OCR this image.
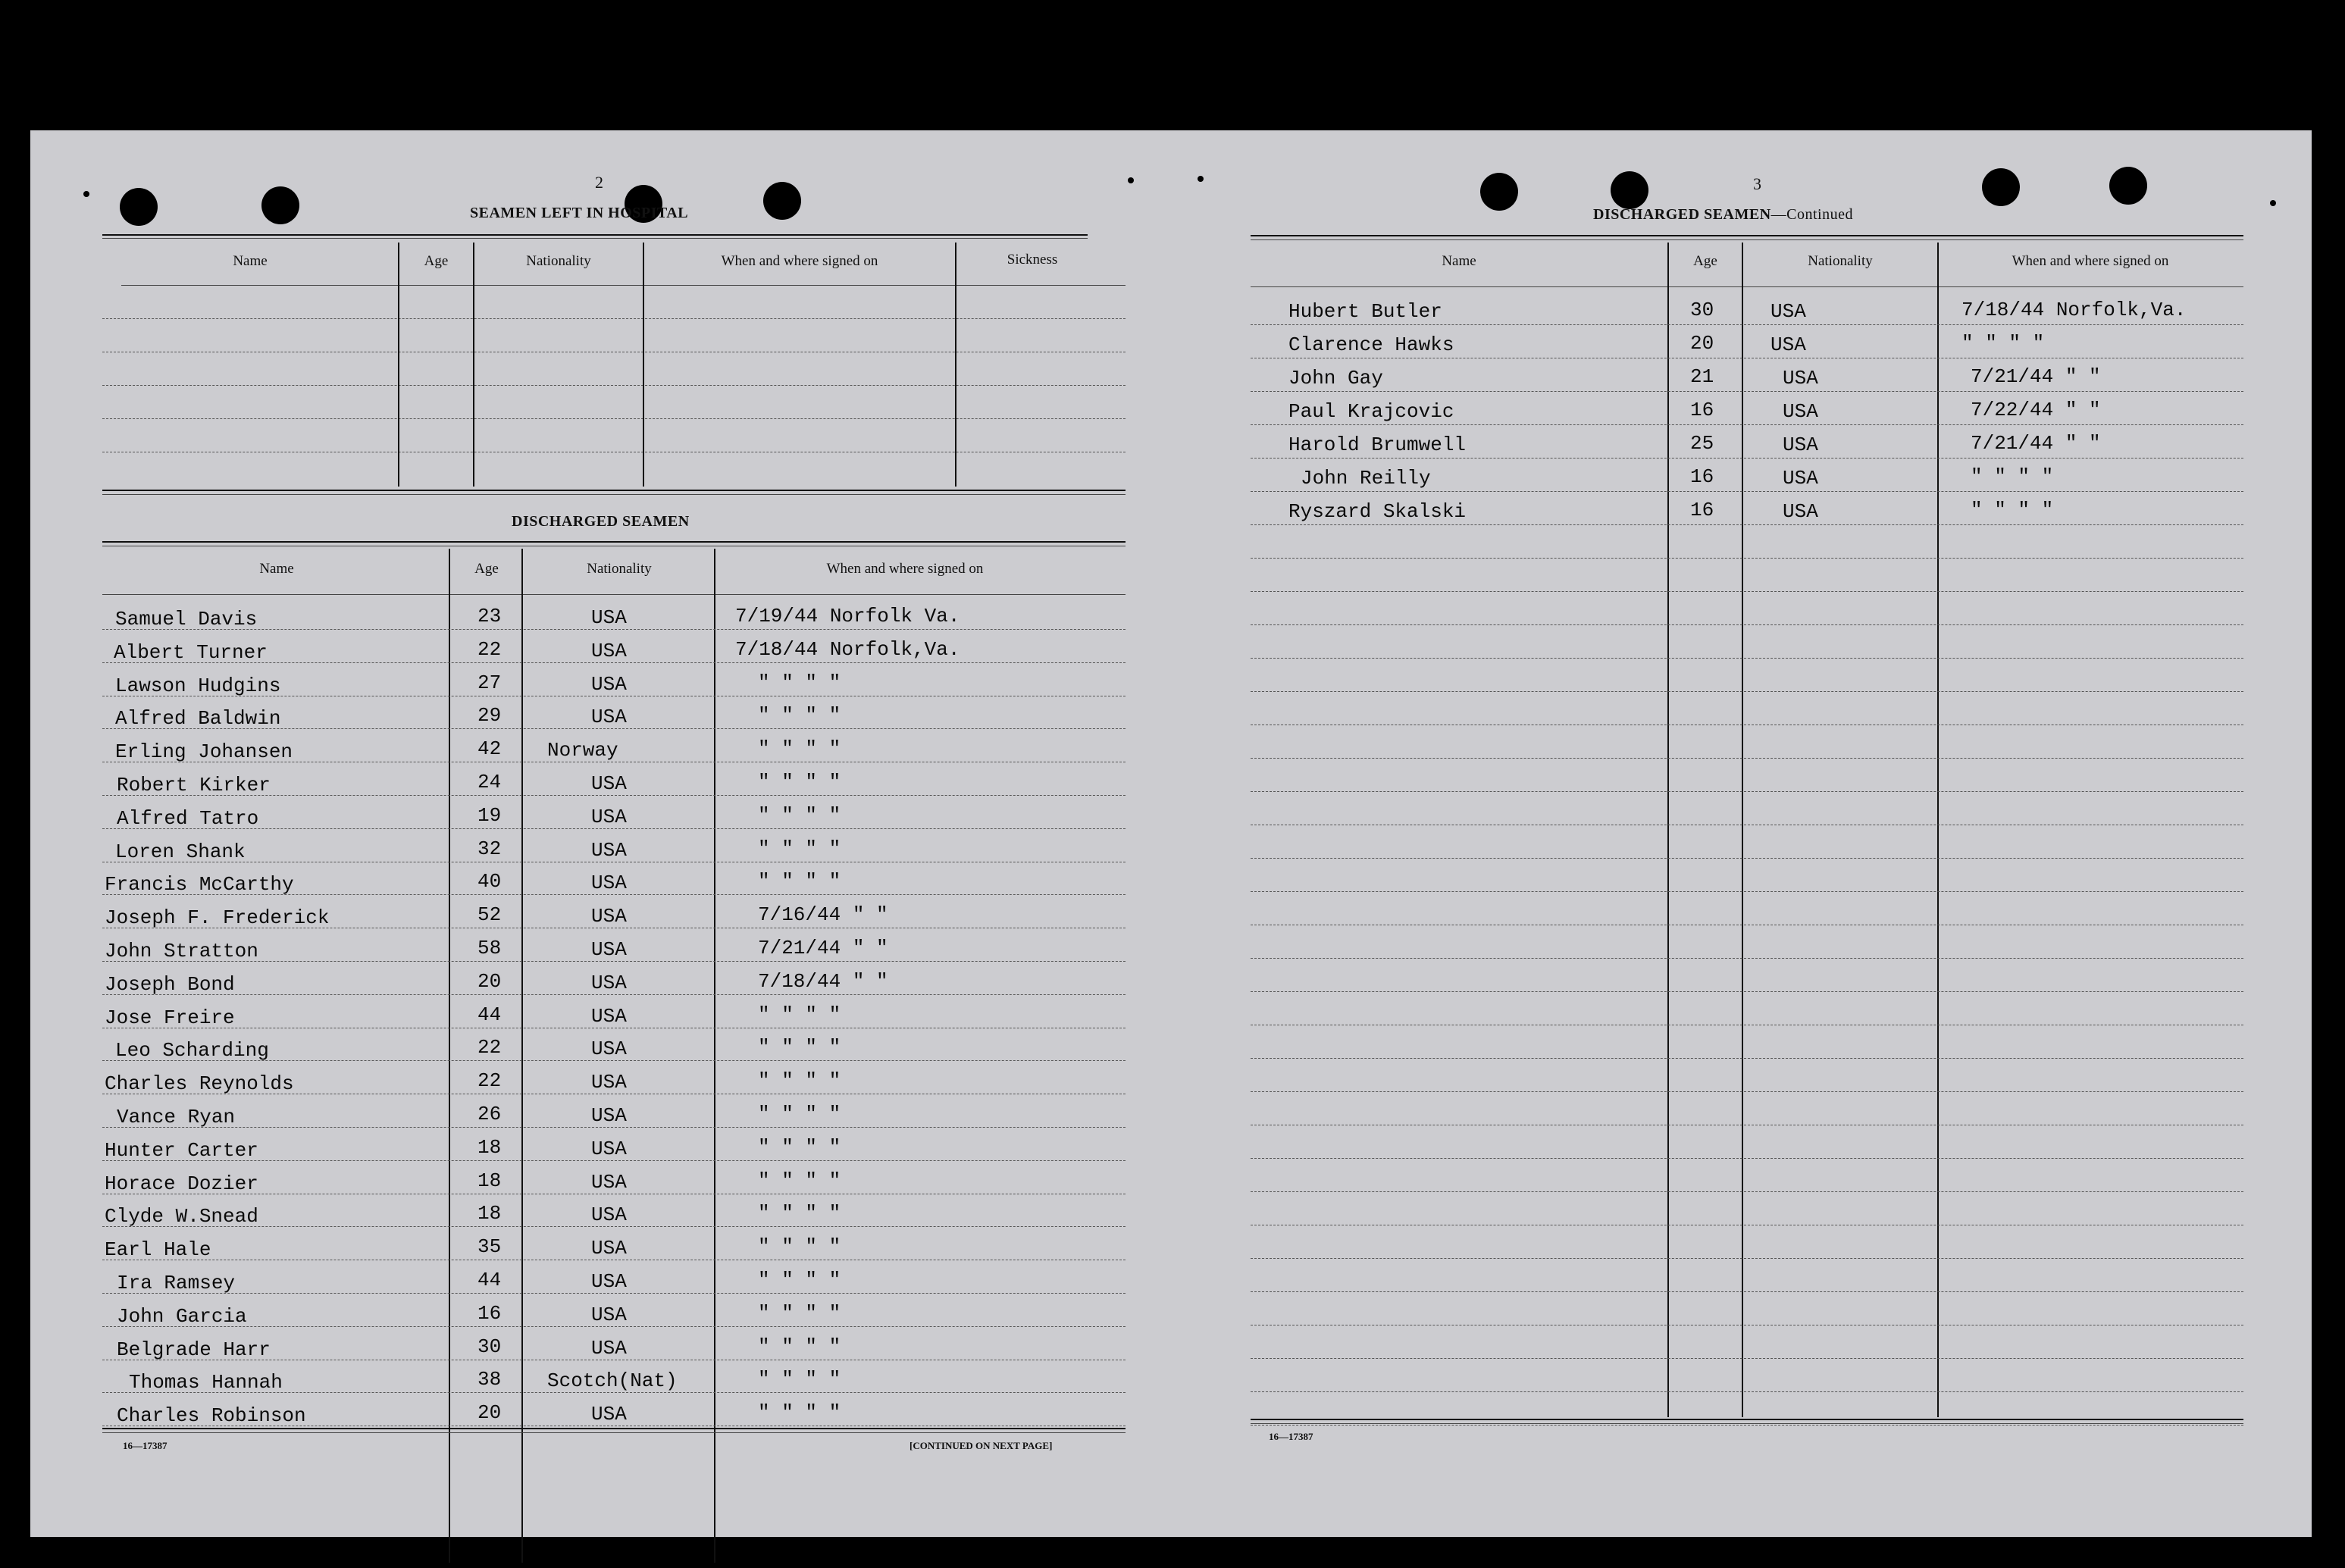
2
SEAMEN LEFT IN HOSPITAL
Name	Age	Nationality	When and where signed on	Sickness
DISCHARGED SEAMEN
Name	Age	Nationality	When and where signed on
Samuel Davis	23	USA	7/19/44 Norfolk Va.
Albert Turner	22	USA	7/18/44 Norfolk,Va.
Lawson Hudgins	27	USA	" " " "
Alfred Baldwin	29	USA	" " " "
Erling Johansen	42 Norway	" " " "
Robert Kirker	24	USA	" " " "
Alfred Tatro	19	USA	" " " "
Loren Shank	32	USA	" " " "
Francis McCarthy	40	USA	" " " "
Joseph F. Frederick	52	USA	7/16/44 " "
John Stratton	58	USA	7/21/44 " "
Joseph Bond	20	USA	7/18/44 " "
Jose Freire	44	USA	" " " "
Leo Scharding	22	USA	" " " "
Charles Reynolds	22	USA	" " " "
Vance Ryan	26	USA	" " " "
Hunter Carter	18	USA	" " " "
Horace Dozier	18	USA	" " " "
Clyde W.Snead	18	USA	" " " "
Earl Hale	35	USA	" " " "
Ira Ramsey	44	USA	" " " "
John Garcia	16	USA	" " " "
Belgrade Harr	30	USA	" " " "
Thomas Hannah	38 Scotch(Nat)	" " " "
Charles Robinson	20	USA	" " " "
16—17387	[CONTINUED ON NEXT PAGE]
3
DISCHARGED SEAMEN—Continued
Name	Age	Nationality	When and where signed on
Hubert Butler	30	USA	7/18/44 Norfolk,Va.
Clarence Hawks	20	USA	" " " "
John Gay	21	USA	7/21/44 " "
Paul Krajcovic	16	USA	7/22/44 " "
Harold Brumwell	25	USA	7/21/44 " "
John Reilly	16	USA	" " " "
Ryszard Skalski	16	USA	" " " "
16—17387
